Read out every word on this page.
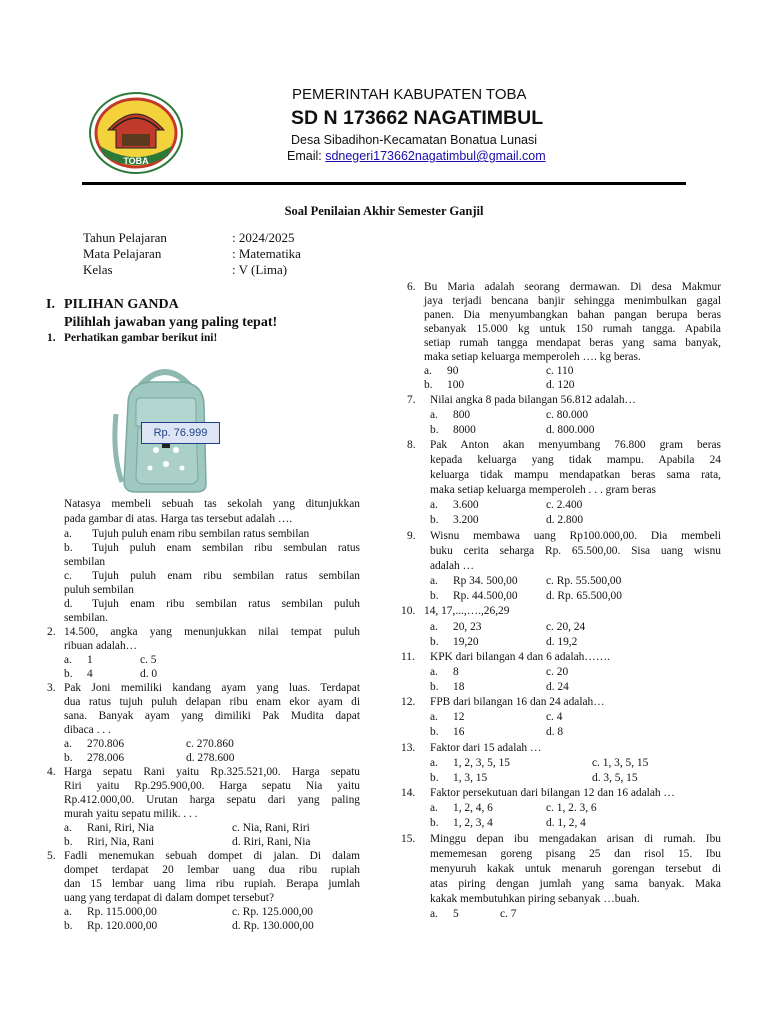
TOBA
PEMERINTAH KABUPATEN TOBA
SD N 173662 NAGATIMBUL
Desa Sibadihon-Kecamatan Bonatua Lunasi
Email: sdnegeri173662nagatimbul@gmail.com
Soal Penilaian Akhir Semester Ganjil
Tahun Pelajaran	: 2024/2025
Mata Pelajaran	: Matematika
Kelas	: V (Lima)
I. PILIHAN GANDA
Pilihlah jawaban yang paling tepat!
1. Perhatikan gambar berikut ini!
Rp. 76.999
Natasya membeli sebuah tas sekolah yang ditunjukkan
pada gambar di atas. Harga tas tersebut adalah ….
a. Tujuh puluh enam ribu sembilan ratus sembilan
b. Tujuh puluh enam sembilan ribu sembulan ratus
sembilan
c. Tujuh puluh enam ribu sembilan ratus sembilan
puluh sembilan
d. Tujuh enam ribu sembilan ratus sembilan puluh
sembilan.
2. 14.500, angka yang menunjukkan nilai tempat puluh
ribuan adalah…
a. 1	c. 5
b. 4	d. 0
3. Pak Joni memiliki kandang ayam yang luas. Terdapat
dua ratus tujuh puluh delapan ribu enam ekor ayam di
sana. Banyak ayam yang dimiliki Pak Mudita dapat
dibaca . . .
a. 270.806	c. 270.860
b. 278.006	d. 278.600
4. Harga sepatu Rani yaitu Rp.325.521,00. Harga sepatu
Riri yaitu Rp.295.900,00. Harga sepatu Nia yaitu
Rp.412.000,00. Urutan harga sepatu dari yang paling
murah yaitu sepatu milik. . . .
a. Rani, Riri, Nia	c. Nia, Rani, Riri
b. Riri, Nia, Rani	d. Riri, Rani, Nia
5. Fadli menemukan sebuah dompet di jalan. Di dalam
dompet terdapat 20 lembar uang dua ribu rupiah
dan 15 lembar uang lima ribu rupiah. Berapa jumlah
uang yang terdapat di dalam dompet tersebut?
a. Rp. 115.000,00	c. Rp. 125.000,00
b. Rp. 120.000,00	d. Rp. 130.000,00
6. Bu Maria adalah seorang dermawan. Di desa Makmur
jaya terjadi bencana banjir sehingga menimbulkan gagal
panen. Dia menyumbangkan bahan pangan berupa beras
sebanyak 15.000 kg untuk 150 rumah tangga. Apabila
setiap rumah tangga mendapat beras yang sama banyak,
maka setiap keluarga memperoleh …. kg beras.
a. 90	c. 110
b. 100	d. 120
7. Nilai angka 8 pada bilangan 56.812 adalah…
a. 800	c. 80.000
b. 8000	d. 800.000
8. Pak Anton akan menyumbang 76.800 gram beras
kepada keluarga yang tidak mampu. Apabila 24
keluarga tidak mampu mendapatkan beras sama rata,
maka setiap keluarga memperoleh . . . gram beras
a. 3.600	c. 2.400
b. 3.200	d. 2.800
9. Wisnu membawa uang Rp100.000,00. Dia membeli
buku cerita seharga Rp. 65.500,00. Sisa uang wisnu
adalah …
a. Rp 34. 500,00 c. Rp. 55.500,00
b. Rp. 44.500,00 d. Rp. 65.500,00
10. 14, 17,...,….,26,29
a. 20, 23	c. 20, 24
b. 19,20	d. 19,2
11. KPK dari bilangan 4 dan 6 adalah…….
a. 8	c. 20
b. 18	d. 24
12. FPB dari bilangan 16 dan 24 adalah…
a. 12	c. 4
b. 16	d. 8
13. Faktor dari 15 adalah …
a. 1, 2, 3, 5, 15	c. 1, 3, 5, 15
b. 1, 3, 15	d. 3, 5, 15
14. Faktor persekutuan dari bilangan 12 dan 16 adalah …
a. 1, 2, 4, 6	c. 1, 2. 3, 6
b. 1, 2, 3, 4	d. 1, 2, 4
15. Minggu depan ibu mengadakan arisan di rumah. Ibu
mememesan goreng pisang 25 dan risol 15. Ibu
menyuruh kakak untuk menaruh gorengan tersebut di
atas piring dengan jumlah yang sama banyak. Maka
kakak membutuhkan piring sebanyak …buah.
a. 5	c. 7
